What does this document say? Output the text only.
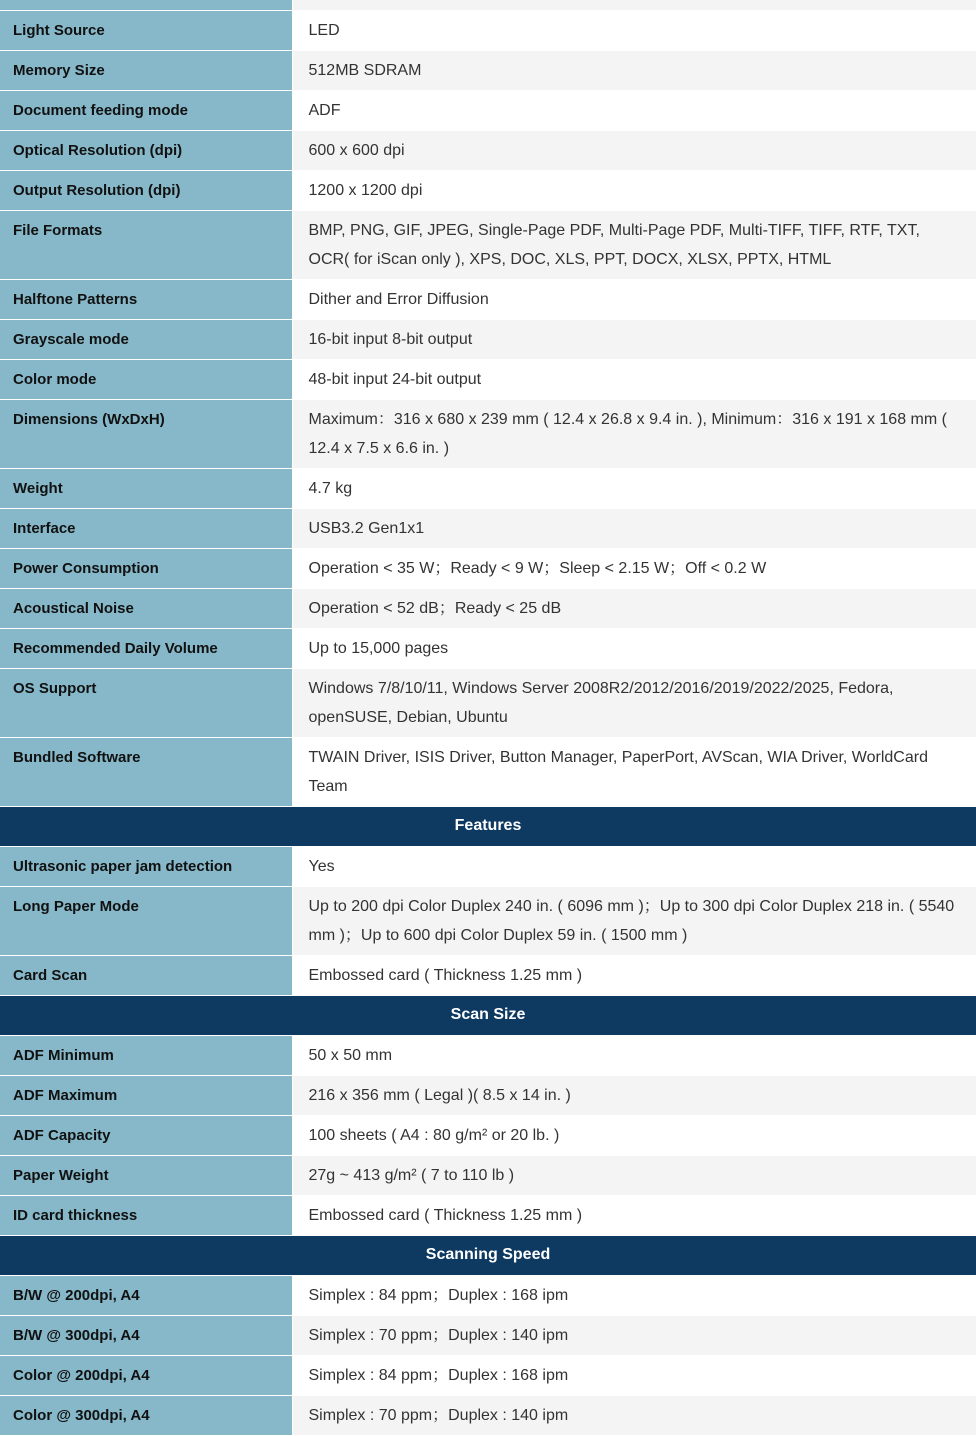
Light Source	LED
Memory Size	512MB SDRAM
Document feeding mode	ADF
Optical Resolution (dpi)	600 x 600 dpi
Output Resolution (dpi)	1200 x 1200 dpi
File Formats	BMP, PNG, GIF, JPEG, Single-Page PDF, Multi-Page PDF, Multi-TIFF, TIFF, RTF, TXT, OCR( for iScan only ), XPS, DOC, XLS, PPT, DOCX, XLSX, PPTX, HTML
Halftone Patterns	Dither and Error Diffusion
Grayscale mode	16-bit input 8-bit output
Color mode	48-bit input 24-bit output
Dimensions (WxDxH)	Maximum：316 x 680 x 239 mm ( 12.4 x 26.8 x 9.4 in. ), Minimum：316 x 191 x 168 mm ( 12.4 x 7.5 x 6.6 in. )
Weight	4.7 kg
Interface	USB3.2 Gen1x1
Power Consumption	Operation < 35 W；Ready < 9 W；Sleep < 2.15 W；Off < 0.2 W
Acoustical Noise	Operation < 52 dB；Ready < 25 dB
Recommended Daily Volume	Up to 15,000 pages
OS Support	Windows 7/8/10/11, Windows Server 2008R2/2012/2016/2019/2022/2025, Fedora, openSUSE, Debian, Ubuntu
Bundled Software	TWAIN Driver, ISIS Driver, Button Manager, PaperPort, AVScan, WIA Driver, WorldCard Team
Features	
Ultrasonic paper jam detection	Yes
Long Paper Mode	Up to 200 dpi Color Duplex 240 in. ( 6096 mm )；Up to 300 dpi Color Duplex 218 in. ( 5540 mm )；Up to 600 dpi Color Duplex 59 in. ( 1500 mm )
Card Scan	Embossed card ( Thickness 1.25 mm )
Scan Size	
ADF Minimum	50 x 50 mm
ADF Maximum	216 x 356 mm ( Legal )( 8.5 x 14 in. )
ADF Capacity	100 sheets ( A4 : 80 g/m² or 20 lb. )
Paper Weight	27g ~ 413 g/m² ( 7 to 110 lb )
ID card thickness	Embossed card ( Thickness 1.25 mm )
Scanning Speed	
B/W @ 200dpi, A4	Simplex : 84 ppm；Duplex : 168 ipm
B/W @ 300dpi, A4	Simplex : 70 ppm；Duplex : 140 ipm
Color @ 200dpi, A4	Simplex : 84 ppm；Duplex : 168 ipm
Color @ 300dpi, A4	Simplex : 70 ppm；Duplex : 140 ipm
